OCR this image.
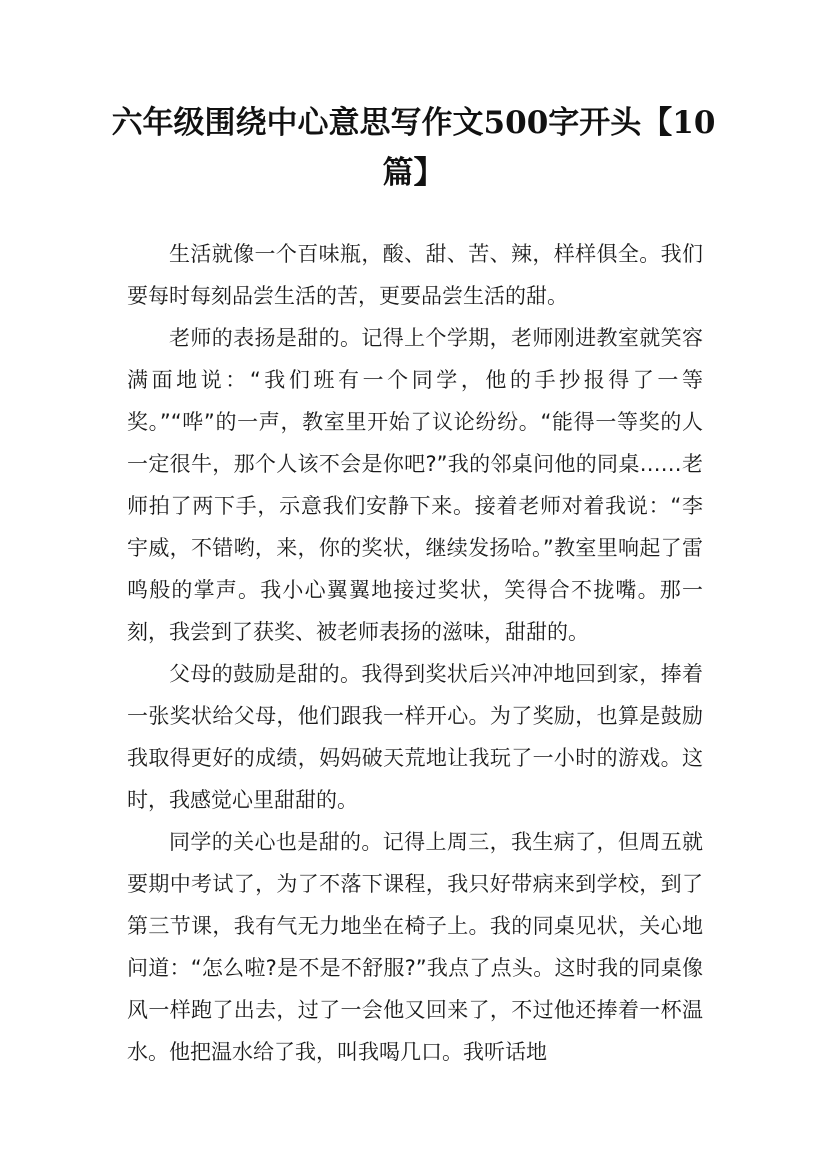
六年级围绕中心意思写作文500字开头【10篇】

生活就像一个百味瓶，酸、甜、苦、辣，样样俱全。我们要每时每刻品尝生活的苦，更要品尝生活的甜。

老师的表扬是甜的。记得上个学期，老师刚进教室就笑容满面地说：“我们班有一个同学，他的手抄报得了一等奖。”“哗”的一声，教室里开始了议论纷纷。“能得一等奖的人一定很牛，那个人该不会是你吧?”我的邻桌问他的同桌……老师拍了两下手，示意我们安静下来。接着老师对着我说：“李宇威，不错哟，来，你的奖状，继续发扬哈。”教室里响起了雷鸣般的掌声。我小心翼翼地接过奖状，笑得合不拢嘴。那一刻，我尝到了获奖、被老师表扬的滋味，甜甜的。

父母的鼓励是甜的。我得到奖状后兴冲冲地回到家，捧着一张奖状给父母，他们跟我一样开心。为了奖励，也算是鼓励我取得更好的成绩，妈妈破天荒地让我玩了一小时的游戏。这时，我感觉心里甜甜的。

同学的关心也是甜的。记得上周三，我生病了，但周五就要期中考试了，为了不落下课程，我只好带病来到学校，到了第三节课，我有气无力地坐在椅子上。我的同桌见状，关心地问道：“怎么啦?是不是不舒服?”我点了点头。这时我的同桌像风一样跑了出去，过了一会他又回来了，不过他还捧着一杯温水。他把温水给了我，叫我喝几口。我听话地
